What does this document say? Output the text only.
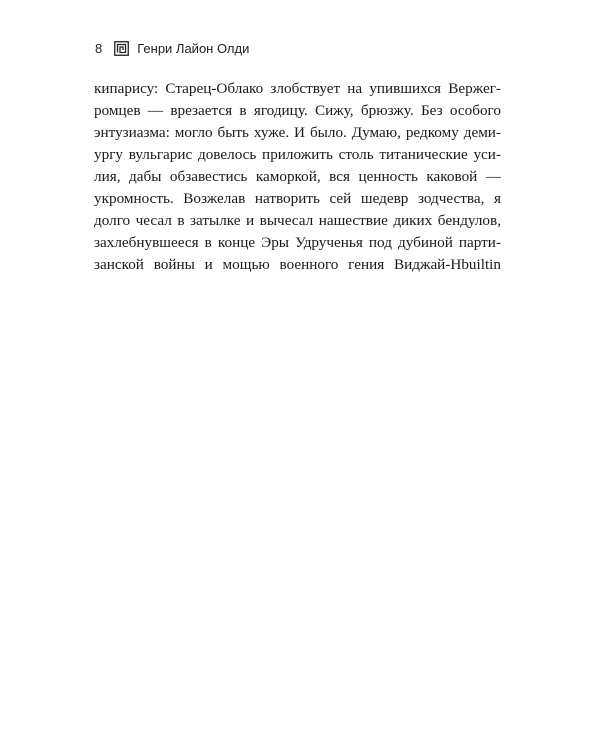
8	Генри Лайон Олди
кипарису: Старец-Облако злобствует на упившихся Вержег-
ромцев — врезается в ягодицу. Сижу, брюзжу. Без особого
энтузиазма: могло быть хуже. И было. Думаю, редкому деми-
ургу вульгарис довелось приложить столь титанические уси-
лия, дабы обзавестись каморкой, вся ценность каковой —
укромность. Возжелав натворить сей шедевр зодчества, я
долго чесал в затылке и вычесал нашествие диких бендулов,
захлебнувшееся в конце Эры Удрученья под дубиной парти-
занской войны и мощью военного гения Виджай-Нbuiltin
